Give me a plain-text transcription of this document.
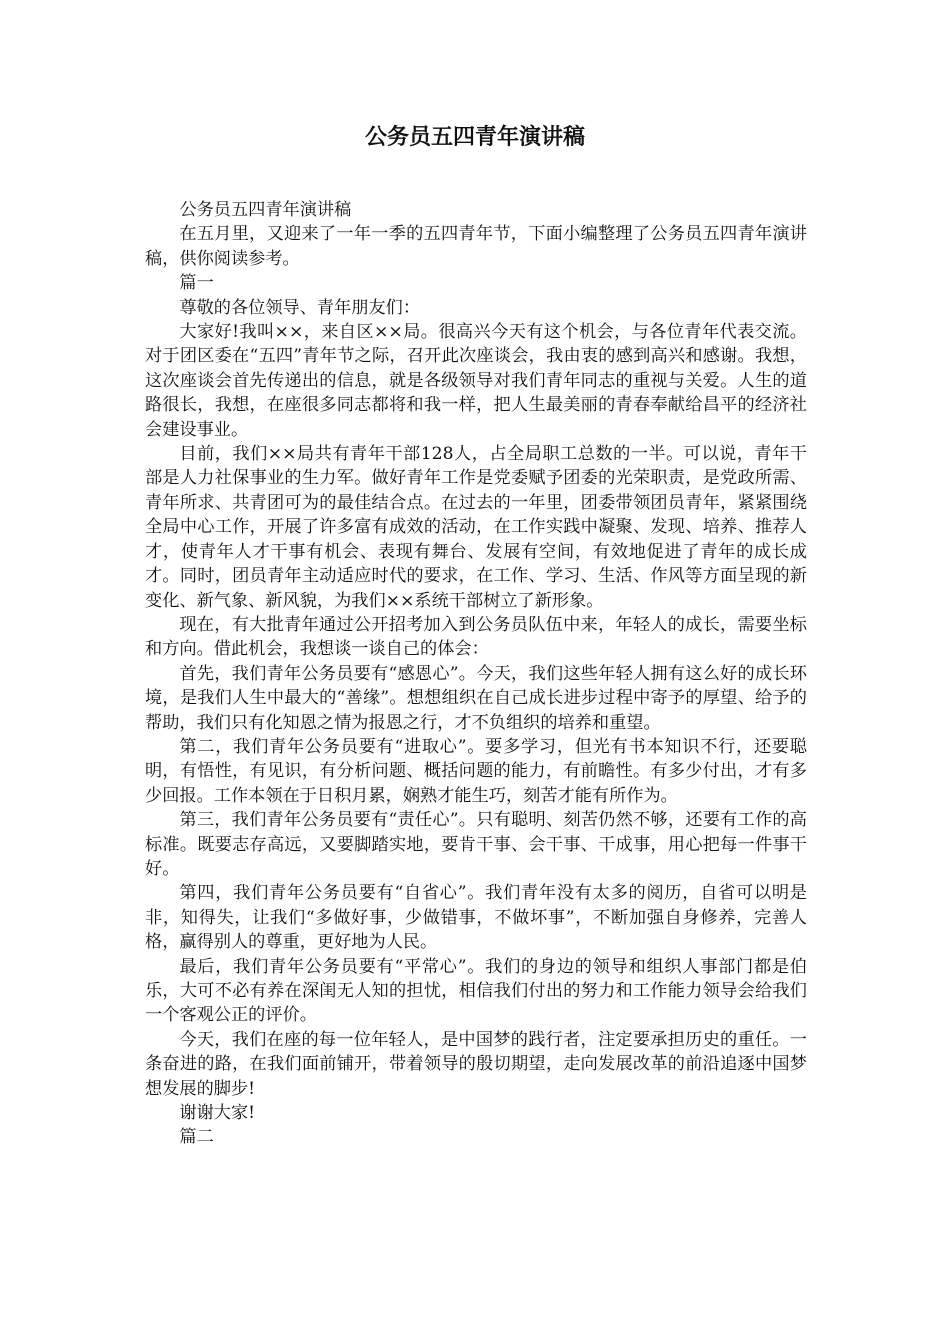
公务员五四青年演讲稿

公务员五四青年演讲稿

在五月里，又迎来了一年一季的五四青年节，下面小编整理了公务员五四青年演讲稿，供你阅读参考。

篇一

尊敬的各位领导、青年朋友们：

大家好!我叫××，来自区××局。很高兴今天有这个机会，与各位青年代表交流。对于团区委在“五四”青年节之际，召开此次座谈会，我由衷的感到高兴和感谢。我想，这次座谈会首先传递出的信息，就是各级领导对我们青年同志的重视与关爱。人生的道路很长，我想，在座很多同志都将和我一样，把人生最美丽的青春奉献给昌平的经济社会建设事业。

目前，我们××局共有青年干部128人，占全局职工总数的一半。可以说，青年干部是人力社保事业的生力军。做好青年工作是党委赋予团委的光荣职责，是党政所需、青年所求、共青团可为的最佳结合点。在过去的一年里，团委带领团员青年，紧紧围绕全局中心工作，开展了许多富有成效的活动，在工作实践中凝聚、发现、培养、推荐人才，使青年人才干事有机会、表现有舞台、发展有空间，有效地促进了青年的成长成才。同时，团员青年主动适应时代的要求，在工作、学习、生活、作风等方面呈现的新变化、新气象、新风貌，为我们××系统干部树立了新形象。

现在，有大批青年通过公开招考加入到公务员队伍中来，年轻人的成长，需要坐标和方向。借此机会，我想谈一谈自己的体会：

首先，我们青年公务员要有“感恩心”。今天，我们这些年轻人拥有这么好的成长环境，是我们人生中最大的“善缘”。想想组织在自己成长进步过程中寄予的厚望、给予的帮助，我们只有化知恩之情为报恩之行，才不负组织的培养和重望。

第二，我们青年公务员要有“进取心”。要多学习，但光有书本知识不行，还要聪明，有悟性，有见识，有分析问题、概括问题的能力，有前瞻性。有多少付出，才有多少回报。工作本领在于日积月累，娴熟才能生巧，刻苦才能有所作为。

第三，我们青年公务员要有“责任心”。只有聪明、刻苦仍然不够，还要有工作的高标准。既要志存高远，又要脚踏实地，要肯干事、会干事、干成事，用心把每一件事干好。

第四，我们青年公务员要有“自省心”。我们青年没有太多的阅历，自省可以明是非，知得失，让我们“多做好事，少做错事，不做坏事”，不断加强自身修养，完善人格，赢得别人的尊重，更好地为人民。

最后，我们青年公务员要有“平常心”。我们的身边的领导和组织人事部门都是伯乐，大可不必有养在深闺无人知的担忧，相信我们付出的努力和工作能力领导会给我们一个客观公正的评价。

今天，我们在座的每一位年轻人，是中国梦的践行者，注定要承担历史的重任。一条奋进的路，在我们面前铺开，带着领导的殷切期望，走向发展改革的前沿追逐中国梦想发展的脚步!

谢谢大家!

篇二
